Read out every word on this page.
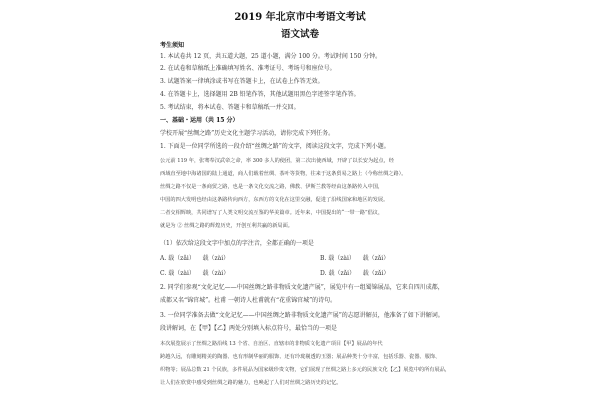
2019 年北京市中考语文考试
语文试卷
考生须知
1. 本试卷共 12 页，共五道大题，25 道小题，满分 100 分。考试时间 150 分钟。
2. 在试卷和草稿纸上准确填写姓名、准考证号、考场号和座位号。
3. 试题答案一律填涂或书写在答题卡上，在试卷上作答无效。
4. 在答题卡上，选择题用 2B 铅笔作答，其他试题用黑色字迹签字笔作答。
5. 考试结束，将本试卷、答题卡和草稿纸一并交回。
一、基础・运用（共 15 分）
学校开展“丝绸之路”历史文化主题学习活动，请你完成下列任务。
1. 下面是一位同学所选的一段介绍“丝绸之路”的文字，阅读这段文字，完成下列小题。
公元前 119 年，张骞奉汉武帝之命，率 300 多人的使团，第二次出使西域，开辟了以长安为起点，经
西域直至地中海诸国的陆上通道，商人们载着丝绸、茶叶等货物，往来于这条贸易之路上（今称丝绸之路）。
丝绸之路不仅是一条商贸之路，也是一条文化交流之路，佛教、伊斯兰教等经由这条路传入中国，
中国的四大发明也经由这条路传向西方，东西方的文化在这里交融，促进了沿线国家和地区的发展。
二者交相辉映，共同谱写了人类文明交流互鉴的华美篇章。近年来，中国提出的“一带一路”倡议，
就是为 ② 丝绸之路的辉煌历史，开创互利共赢的新局面。
（1）依次给这段文字中加点的字注音，全都正确的一项是
A. 载（zǎi） 载（zài）	B. 载（zài） 载（zǎi）
C. 载（zài） 载（zài）	D. 载（zǎi） 载（zǎi）
2. 同学们参观“文化记忆——中国丝绸之路非物质文化遗产展”，展览中有一组蜀锦展品，它来自四川成都，
成都又名“锦官城”。杜甫 一朝诗人杜甫就有“花重锦官城”的诗句。
3. 一位同学准备去做“文化记忆——中国丝绸之路非物质文化遗产展”的志愿讲解员，他准备了如下讲解词。
段讲解词，在【甲】【乙】两处分别填入标点符号，最恰当的一项是
本次展览展示了丝绸之路沿线 13 个省、自治区、直辖市的非物质文化遗产项目【甲】展品的年代
跨越久远，有雕刻精美的陶器、也有形制华丽的服饰、还有玲珑剔透的玉器；展品种类十分丰富，包括乐器、瓷器、服饰、
织物等；展品总数 21 个民族，多件展品为国家级珍贵文物，它们展现了丝绸之路上多元的民族文化【乙】展览中的所有展品，
让人们在欣赏中感受到丝绸之路的魅力，也唤起了人们对丝绸之路历史的记忆。
